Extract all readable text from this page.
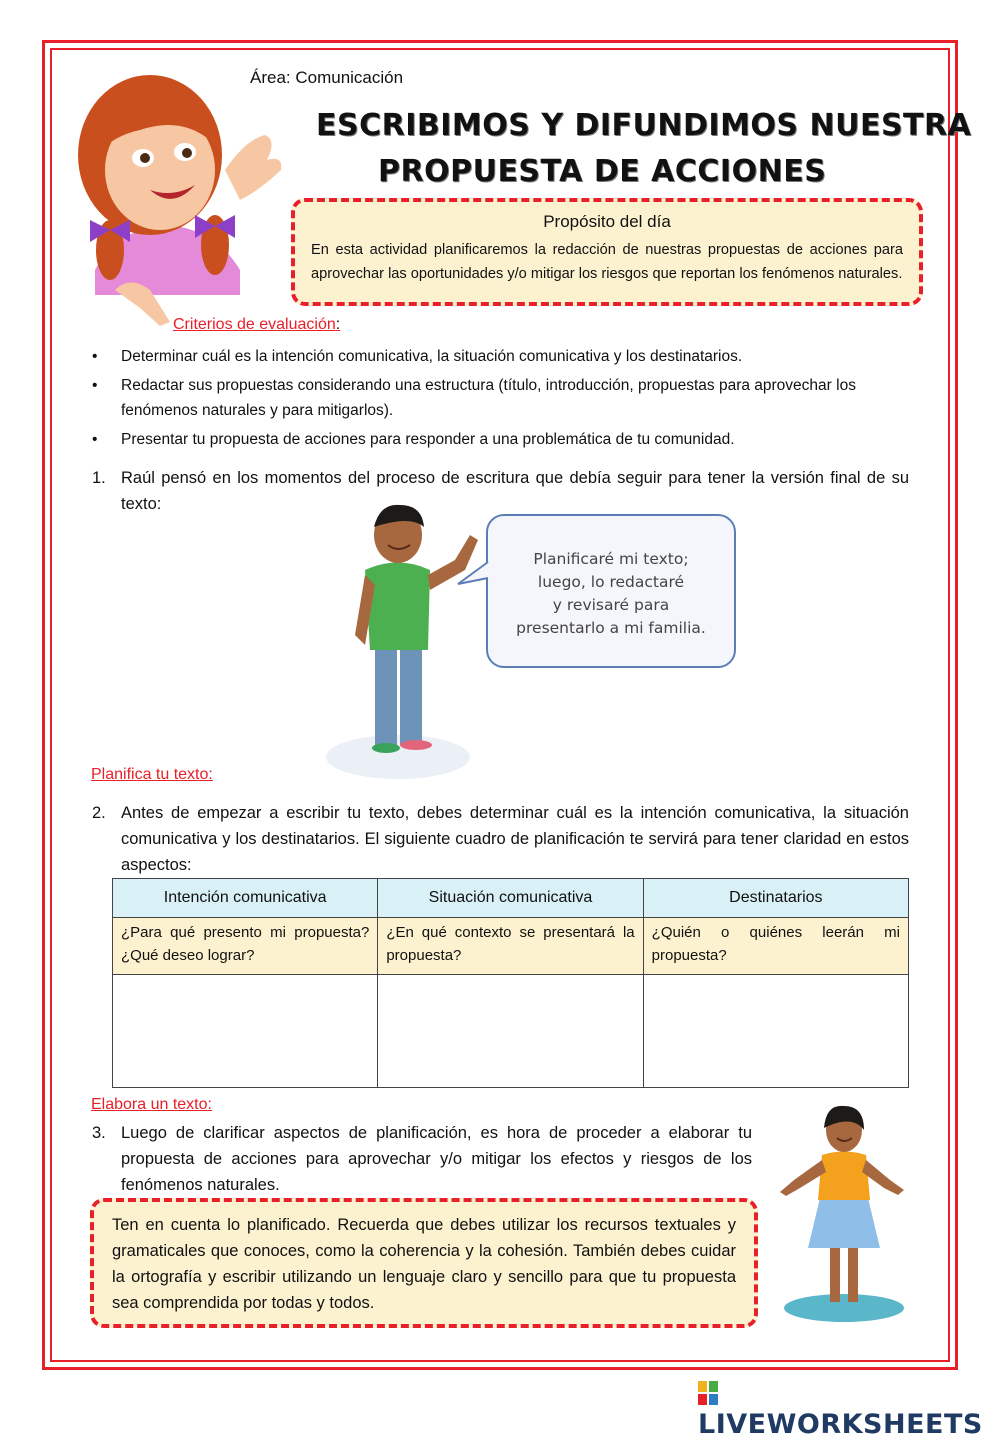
Área: Comunicación
ESCRIBIMOS Y DIFUNDIMOS NUESTRA
PROPUESTA DE ACCIONES
Propósito del día
En esta actividad planificaremos la redacción de nuestras propuestas de acciones para aprovechar las oportunidades y/o mitigar los riesgos que reportan los fenómenos naturales.
Criterios de evaluación:
• Determinar cuál es la intención comunicativa, la situación comunicativa y los destinatarios.
• Redactar sus propuestas considerando una estructura (título, introducción, propuestas para aprovechar los fenómenos naturales y para mitigarlos).
• Presentar tu propuesta de acciones para responder a una problemática de tu comunidad.
1. Raúl pensó en los momentos del proceso de escritura que debía seguir para tener la versión final de su texto:
Planificaré mi texto;
luego, lo redactaré
y revisaré para
presentarlo a mi familia.
Planifica tu texto:
2. Antes de empezar a escribir tu texto, debes determinar cuál es la intención comunicativa, la situación comunicativa y los destinatarios. El siguiente cuadro de planificación te servirá para tener claridad en estos aspectos:
Intención comunicativa	Situación comunicativa	Destinatarios
¿Para qué presento mi propuesta? ¿Qué deseo lograr?	¿En qué contexto se presentará la propuesta?	¿Quién o quiénes leerán mi propuesta?

Elabora un texto:
3. Luego de clarificar aspectos de planificación, es hora de proceder a elaborar tu propuesta de acciones para aprovechar y/o mitigar los efectos y riesgos de los fenómenos naturales.
Ten en cuenta lo planificado. Recuerda que debes utilizar los recursos textuales y gramaticales que conoces, como la coherencia y la cohesión. También debes cuidar la ortografía y escribir utilizando un lenguaje claro y sencillo para que tu propuesta sea comprendida por todas y todos.
LIVEWORKSHEETS
